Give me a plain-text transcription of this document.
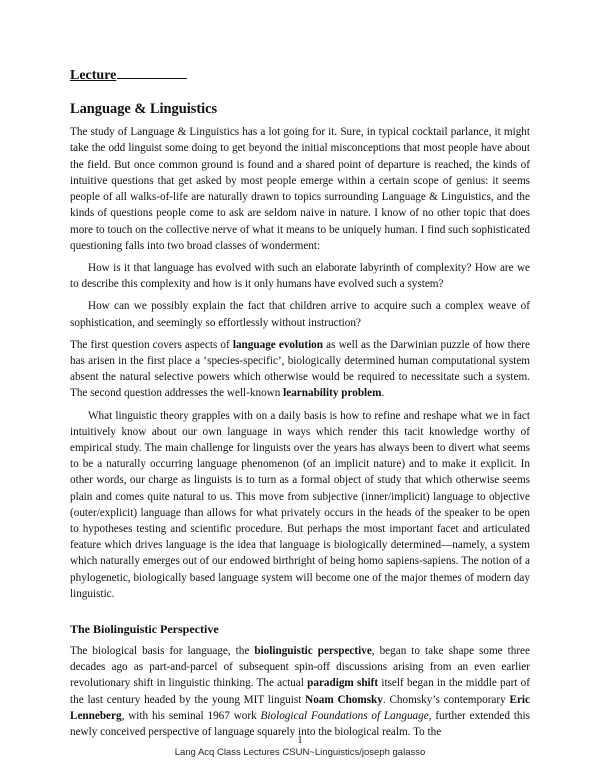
Lecture
Language & Linguistics

The study of Language & Linguistics has a lot going for it. Sure, in typical cocktail parlance, it might take the odd linguist some doing to get beyond the initial misconceptions that most people have about the field. But once common ground is found and a shared point of departure is reached, the kinds of intuitive questions that get asked by most people emerge within a certain scope of genius: it seems people of all walks-of-life are naturally drawn to topics surrounding Language & Linguistics, and the kinds of questions people come to ask are seldom naive in nature. I know of no other topic that does more to touch on the collective nerve of what it means to be uniquely human. I find such sophisticated questioning falls into two broad classes of wonderment:

How is it that language has evolved with such an elaborate labyrinth of complexity? How are we to describe this complexity and how is it only humans have evolved such a system?

How can we possibly explain the fact that children arrive to acquire such a complex weave of sophistication, and seemingly so effortlessly without instruction?

The first question covers aspects of language evolution as well as the Darwinian puzzle of how there has arisen in the first place a ‘species-specific’, biologically determined human computational system absent the natural selective powers which otherwise would be required to necessitate such a system. The second question addresses the well-known learnability problem.

What linguistic theory grapples with on a daily basis is how to refine and reshape what we in fact intuitively know about our own language in ways which render this tacit knowledge worthy of empirical study. The main challenge for linguists over the years has always been to divert what seems to be a naturally occurring language phenomenon (of an implicit nature) and to make it explicit. In other words, our charge as linguists is to turn as a formal object of study that which otherwise seems plain and comes quite natural to us. This move from subjective (inner/implicit) language to objective (outer/explicit) language than allows for what privately occurs in the heads of the speaker to be open to hypotheses testing and scientific procedure. But perhaps the most important facet and articulated feature which drives language is the idea that language is biologically determined—namely, a system which naturally emerges out of our endowed birthright of being homo sapiens-sapiens. The notion of a phylogenetic, biologically based language system will become one of the major themes of modern day linguistic.

The Biolinguistic Perspective

The biological basis for language, the biolinguistic perspective, began to take shape some three decades ago as part-and-parcel of subsequent spin-off discussions arising from an even earlier revolutionary shift in linguistic thinking. The actual paradigm shift itself began in the middle part of the last century headed by the young MIT linguist Noam Chomsky. Chomsky’s contemporary Eric Lenneberg, with his seminal 1967 work Biological Foundations of Language, further extended this newly conceived perspective of language squarely into the biological realm. To the

1
Lang Acq Class Lectures CSUN~Linguistics/joseph galasso
